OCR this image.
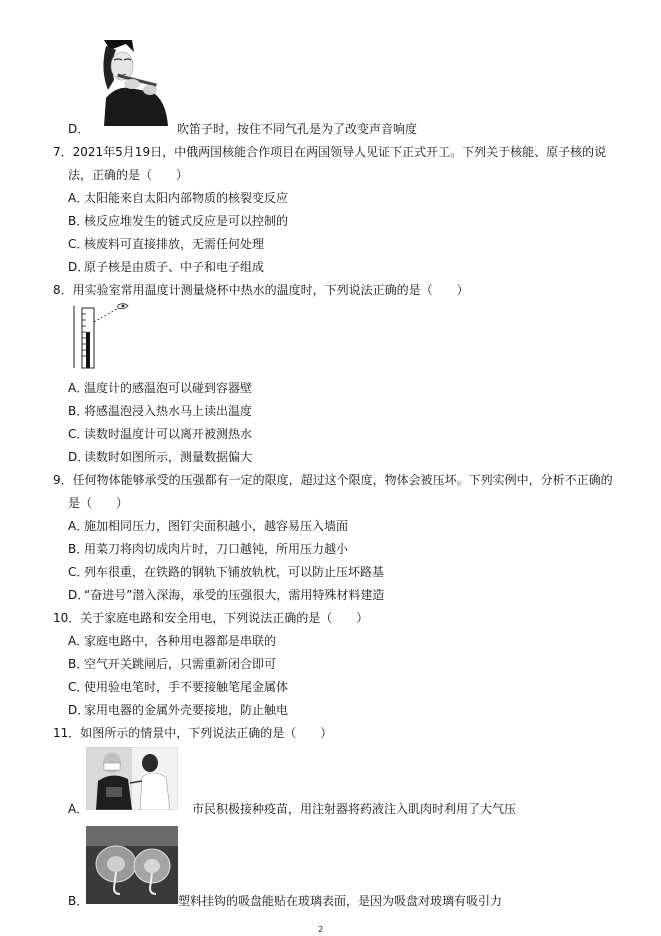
D．	吹笛子时，按住不同气孔是为了改变声音响度
7．2021年5月19日，中俄两国核能合作项目在两国领导人见证下正式开工。下列关于核能、原子核的说
法，正确的是（　　）
A．
太阳能来自太阳内部物质的核裂变反应
B．
核反应堆发生的链式反应是可以控制的
C．
核废料可直接排放，无需任何处理
D．
原子核是由质子、中子和电子组成
8．用实验室常用温度计测量烧杯中热水的温度时，下列说法正确的是（　　）
A．
温度计的感温泡可以碰到容器壁
B．
将感温泡浸入热水马上读出温度
C．
读数时温度计可以离开被测热水
D．
读数时如图所示，测量数据偏大
9．任何物体能够承受的压强都有一定的限度，超过这个限度，物体会被压坏。下列实例中，分析不正确的
是（　　）
A．
施加相同压力，图钉尖面积越小，越容易压入墙面
B．
用菜刀将肉切成肉片时，刀口越钝，所用压力越小
C．
列车很重，在铁路的钢轨下铺放轨枕，可以防止压坏路基
D．
“奋进号”潜入深海，承受的压强很大，需用特殊材料建造
10．关于家庭电路和安全用电，下列说法正确的是（　　）
A．
家庭电路中，各种用电器都是串联的
B．
空气开关跳闸后，只需重新闭合即可
C．
使用验电笔时，手不要接触笔尾金属体
D．
家用电器的金属外壳要接地，防止触电
11．如图所示的情景中，下列说法正确的是（　　）
A．	市民积极接种疫苗，用注射器将药液注入肌肉时利用了大气压
B．	塑料挂钩的吸盘能贴在玻璃表面，是因为吸盘对玻璃有吸引力
2
